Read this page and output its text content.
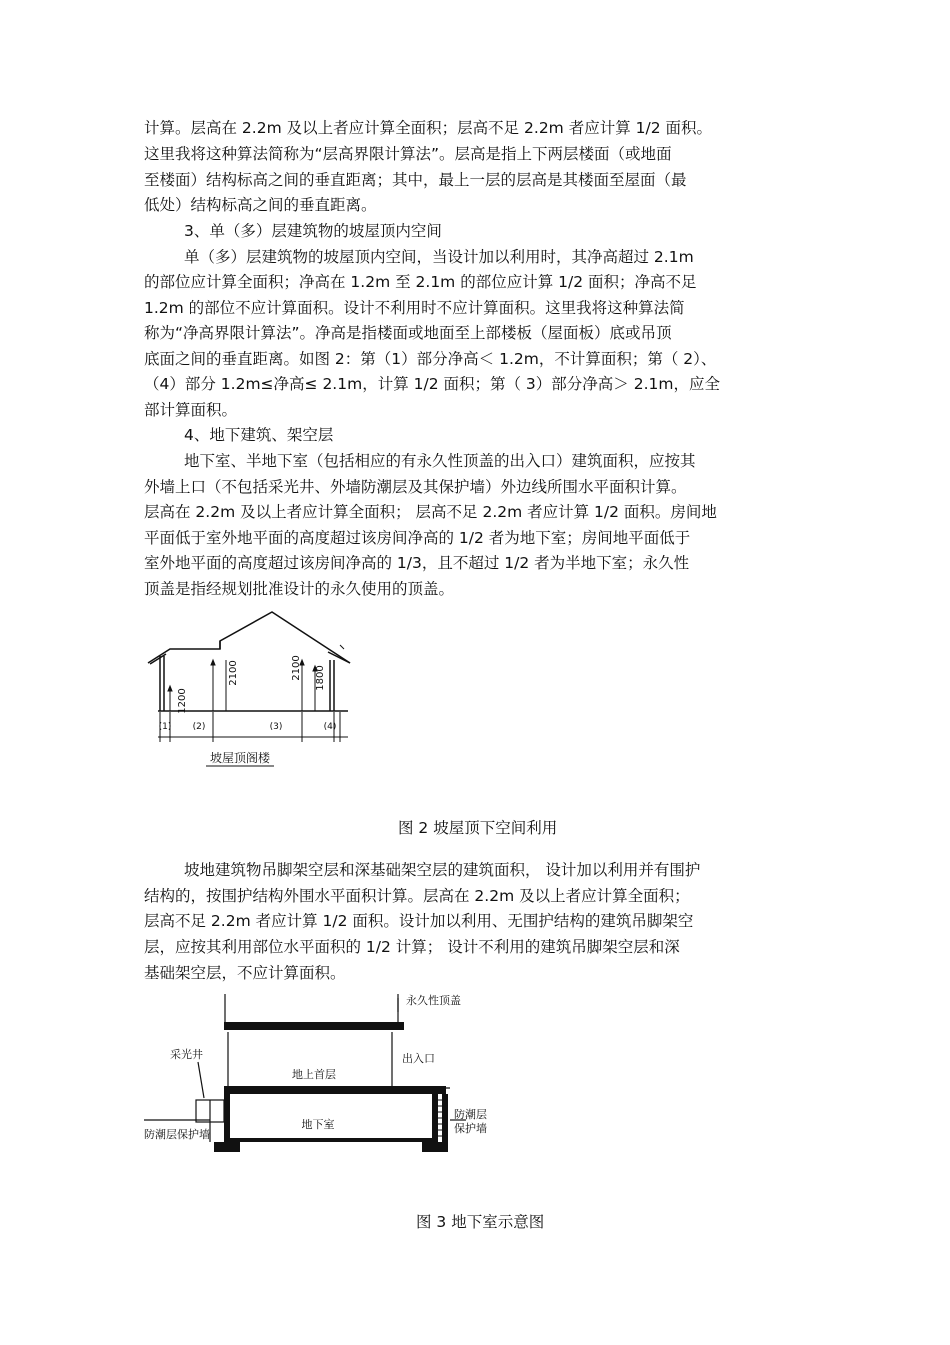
计算。层高在 2.2m 及以上者应计算全面积；层高不足 2.2m 者应计算 1/2 面积。
这里我将这种算法简称为“层高界限计算法”。层高是指上下两层楼面（或地面
至楼面）结构标高之间的垂直距离；其中，最上一层的层高是其楼面至屋面（最
低处）结构标高之间的垂直距离。
3、单（多）层建筑物的坡屋顶内空间
单（多）层建筑物的坡屋顶内空间，当设计加以利用时，其净高超过 2.1m
的部位应计算全面积；净高在 1.2m 至 2.1m 的部位应计算 1/2 面积；净高不足
1.2m 的部位不应计算面积。设计不利用时不应计算面积。这里我将这种算法简
称为“净高界限计算法”。净高是指楼面或地面至上部楼板（屋面板）底或吊顶
底面之间的垂直距离。如图 2：第（1）部分净高＜ 1.2m，不计算面积；第（ 2）、
（4）部分 1.2m≤净高≤ 2.1m，计算 1/2 面积；第（ 3）部分净高＞ 2.1m，应全
部计算面积。
4、地下建筑、架空层
地下室、半地下室（包括相应的有永久性顶盖的出入口）建筑面积，应按其
外墙上口（不包括采光井、外墙防潮层及其保护墙）外边线所围水平面积计算。
层高在 2.2m 及以上者应计算全面积； 层高不足 2.2m 者应计算 1/2 面积。房间地
平面低于室外地平面的高度超过该房间净高的 1/2 者为地下室；房间地平面低于
室外地平面的高度超过该房间净高的 1/3，且不超过 1/2 者为半地下室；永久性
顶盖是指经规划批准设计的永久使用的顶盖。
1200
2100	2100 1800
(1) (2)	(3)	(4)
坡屋顶阁楼
图 2 坡屋顶下空间利用
坡地建筑物吊脚架空层和深基础架空层的建筑面积， 设计加以利用并有围护
结构的，按围护结构外围水平面积计算。层高在 2.2m 及以上者应计算全面积；
层高不足 2.2m 者应计算 1/2 面积。设计加以利用、无围护结构的建筑吊脚架空
层，应按其利用部位水平面积的 1/2 计算； 设计不利用的建筑吊脚架空层和深
基础架空层，不应计算面积。
永久性顶盖
采光井	出入口
地上首层
地下室
防潮层
保护墙
防潮层保护墙
图 3 地下室示意图
